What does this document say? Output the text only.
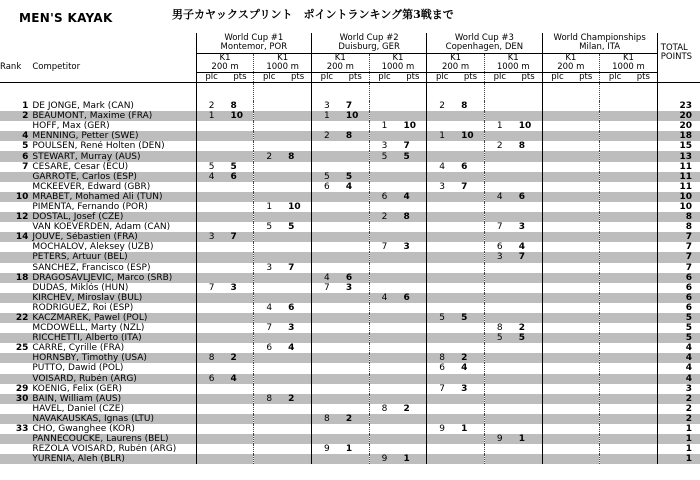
MEN'S KAYAK	男子カヤックスプリント　ポイントランキング第3戦まで
		World Cup #1
Montemor, POR				World Cup #2
Duisburg, GER				World Cup #3
Copenhagen, DEN				World Championships
Milan, ITA				TOTAL
POINTS
Rank	Competitor	K1
200 m		K1
1000 m		K1
200 m		K1
1000 m		K1
200 m		K1
1000 m		K1
200 m		K1
1000 m		
		plc	pts	plc	pts	plc	pts	plc	pts	plc	pts	plc	pts	plc	pts	plc	pts	

1	DE JONGE, Mark (CAN)	2	8			3	7			2	8							23
2	BEAUMONT, Maxime (FRA)	1	10			1	10											20
	HOFF, Max (GER)							1	10			1	10					20
4	MENNING, Petter (SWE)					2	8			1	10							18
5	POULSEN, René Holten (DEN)							3	7			2	8					15
6	STEWART, Murray (AUS)			2	8			5	5									13
7	CESARE, Cesar (ECU)	5	5							4	6							11
	GARROTE, Carlos (ESP)	4	6			5	5											11
	MCKEEVER, Edward (GBR)					6	4			3	7							11
10	MRABET, Mohamed Ali (TUN)							6	4			4	6					10
	PIMENTA, Fernando (POR)			1	10													10
12	DOSTAL, Josef (CZE)							2	8									8
	VAN KOEVERDEN, Adam (CAN)			5	5							7	3					8
14	JOUVE, Sébastien (FRA)	3	7															7
	MOCHALOV, Aleksey (UZB)							7	3			6	4					7
	PETERS, Artuur (BEL)											3	7					7
	SANCHEZ, Francisco (ESP)			3	7													7
18	DRAGOSAVLJEVIC, Marco (SRB)					4	6											6
	DUDAS, Miklós (HUN)	7	3			7	3											6
	KIRCHEV, Miroslav (BUL)							4	6									6
	RODRIGUEZ, Roi (ESP)			4	6													6
22	KACZMAREK, Pawel (POL)									5	5							5
	MCDOWELL, Marty (NZL)			7	3							8	2					5
	RICCHETTI, Alberto (ITA)											5	5					5
25	CARRE, Cyrille (FRA)			6	4													4
	HORNSBY, Timothy (USA)	8	2							8	2							4
	PUTTO, Dawid (POL)									6	4							4
	VOISARD, Rubén (ARG)	6	4															4
29	KOENIG, Felix (GER)									7	3							3
30	BAIN, William (AUS)			8	2													2
	HAVEL, Daniel (CZE)							8	2									2
	NAVAKAUSKAS, Ignas (LTU)					8	2											2
33	CHO, Gwanghee (KOR)									9	1							1
	PANNECOUCKE, Laurens (BEL)											9	1					1
	REZOLA VOISARD, Rubén (ARG)					9	1											1
	YURENIA, Aleh (BLR)							9	1									1
